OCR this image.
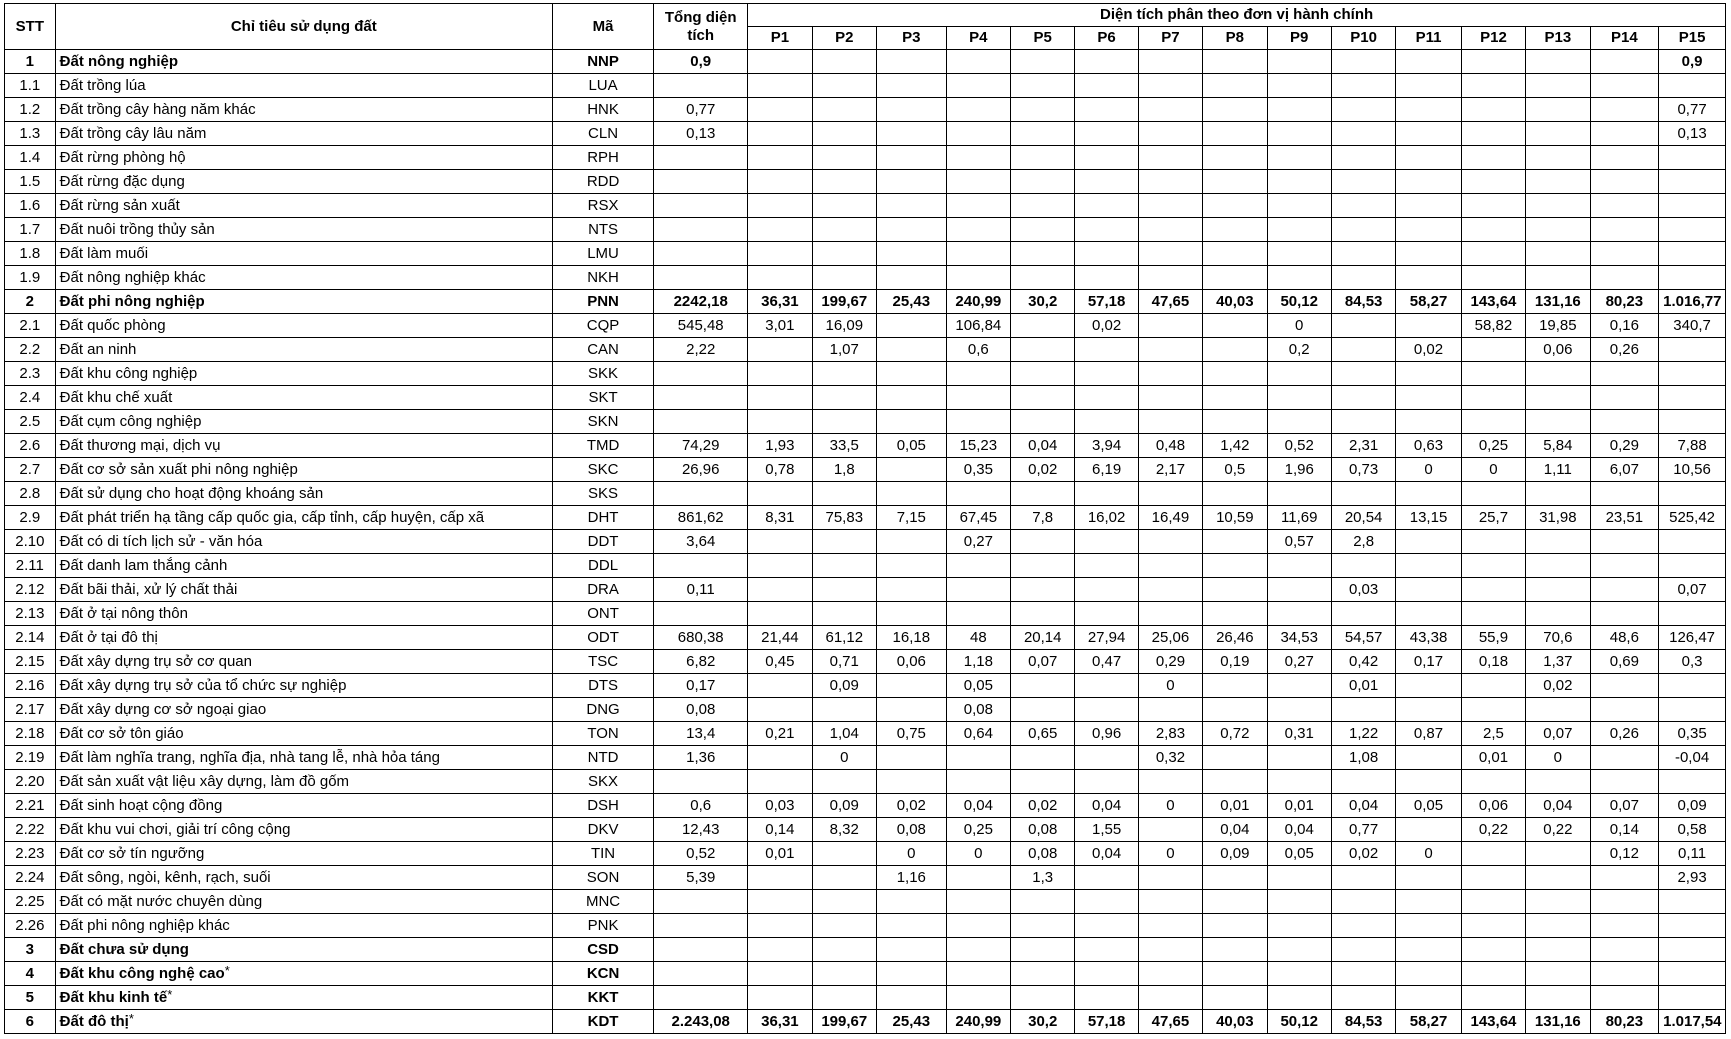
STT	Chỉ tiêu sử dụng đất	Mã	Tổng diện tích	Diện tích phân theo đơn vị hành chính														
				P1	P2	P3	P4	P5	P6	P7	P8	P9	P10	P11	P12	P13	P14	P15
1	Đất nông nghiệp	NNP	0,9															0,9
1.1	Đất trồng lúa	LUA																
1.2	Đất trồng cây hàng năm khác	HNK	0,77															0,77
1.3	Đất trồng cây lâu năm	CLN	0,13															0,13
1.4	Đất rừng phòng hộ	RPH																
1.5	Đất rừng đặc dụng	RDD																
1.6	Đất rừng sản xuất	RSX																
1.7	Đất nuôi trồng thủy sản	NTS																
1.8	Đất làm muối	LMU																
1.9	Đất nông nghiệp khác	NKH																
2	Đất phi nông nghiệp	PNN	2242,18	36,31	199,67	25,43	240,99	30,2	57,18	47,65	40,03	50,12	84,53	58,27	143,64	131,16	80,23	1.016,77
2.1	Đất quốc phòng	CQP	545,48	3,01	16,09		106,84		0,02			0			58,82	19,85	0,16	340,7
2.2	Đất an ninh	CAN	2,22		1,07		0,6					0,2		0,02		0,06	0,26	
2.3	Đất khu công nghiệp	SKK																
2.4	Đất khu chế xuất	SKT																
2.5	Đất cụm công nghiệp	SKN																
2.6	Đất thương mại, dịch vụ	TMD	74,29	1,93	33,5	0,05	15,23	0,04	3,94	0,48	1,42	0,52	2,31	0,63	0,25	5,84	0,29	7,88
2.7	Đất cơ sở sản xuất phi nông nghiệp	SKC	26,96	0,78	1,8		0,35	0,02	6,19	2,17	0,5	1,96	0,73	0	0	1,11	6,07	10,56
2.8	Đất sử dụng cho hoạt động khoáng sản	SKS																
2.9	Đất phát triển hạ tầng cấp quốc gia, cấp tỉnh, cấp huyện, cấp xã	DHT	861,62	8,31	75,83	7,15	67,45	7,8	16,02	16,49	10,59	11,69	20,54	13,15	25,7	31,98	23,51	525,42
2.10	Đất có di tích lịch sử - văn hóa	DDT	3,64				0,27					0,57	2,8					
2.11	Đất danh lam thắng cảnh	DDL																
2.12	Đất bãi thải, xử lý chất thải	DRA	0,11										0,03					0,07
2.13	Đất ở tại nông thôn	ONT																
2.14	Đất ở tại đô thị	ODT	680,38	21,44	61,12	16,18	48	20,14	27,94	25,06	26,46	34,53	54,57	43,38	55,9	70,6	48,6	126,47
2.15	Đất xây dựng trụ sở cơ quan	TSC	6,82	0,45	0,71	0,06	1,18	0,07	0,47	0,29	0,19	0,27	0,42	0,17	0,18	1,37	0,69	0,3
2.16	Đất xây dựng trụ sở của tổ chức sự nghiệp	DTS	0,17		0,09		0,05			0			0,01			0,02		
2.17	Đất xây dựng cơ sở ngoại giao	DNG	0,08				0,08											
2.18	Đất cơ sở tôn giáo	TON	13,4	0,21	1,04	0,75	0,64	0,65	0,96	2,83	0,72	0,31	1,22	0,87	2,5	0,07	0,26	0,35
2.19	Đất làm nghĩa trang, nghĩa địa, nhà tang lễ, nhà hỏa táng	NTD	1,36		0					0,32			1,08		0,01	0		-0,04
2.20	Đất sản xuất vật liệu xây dựng, làm đồ gốm	SKX																
2.21	Đất sinh hoạt cộng đồng	DSH	0,6	0,03	0,09	0,02	0,04	0,02	0,04	0	0,01	0,01	0,04	0,05	0,06	0,04	0,07	0,09
2.22	Đất khu vui chơi, giải trí công cộng	DKV	12,43	0,14	8,32	0,08	0,25	0,08	1,55		0,04	0,04	0,77		0,22	0,22	0,14	0,58
2.23	Đất cơ sở tín ngưỡng	TIN	0,52	0,01		0	0	0,08	0,04	0	0,09	0,05	0,02	0			0,12	0,11
2.24	Đất sông, ngòi, kênh, rạch, suối	SON	5,39			1,16		1,3										2,93
2.25	Đất có mặt nước chuyên dùng	MNC																
2.26	Đất phi nông nghiệp khác	PNK																
3	Đất chưa sử dụng	CSD																
4	Đất khu công nghệ cao*	KCN																
5	Đất khu kinh tế*	KKT																
6	Đất đô thị*	KDT	2.243,08	36,31	199,67	25,43	240,99	30,2	57,18	47,65	40,03	50,12	84,53	58,27	143,64	131,16	80,23	1.017,54
